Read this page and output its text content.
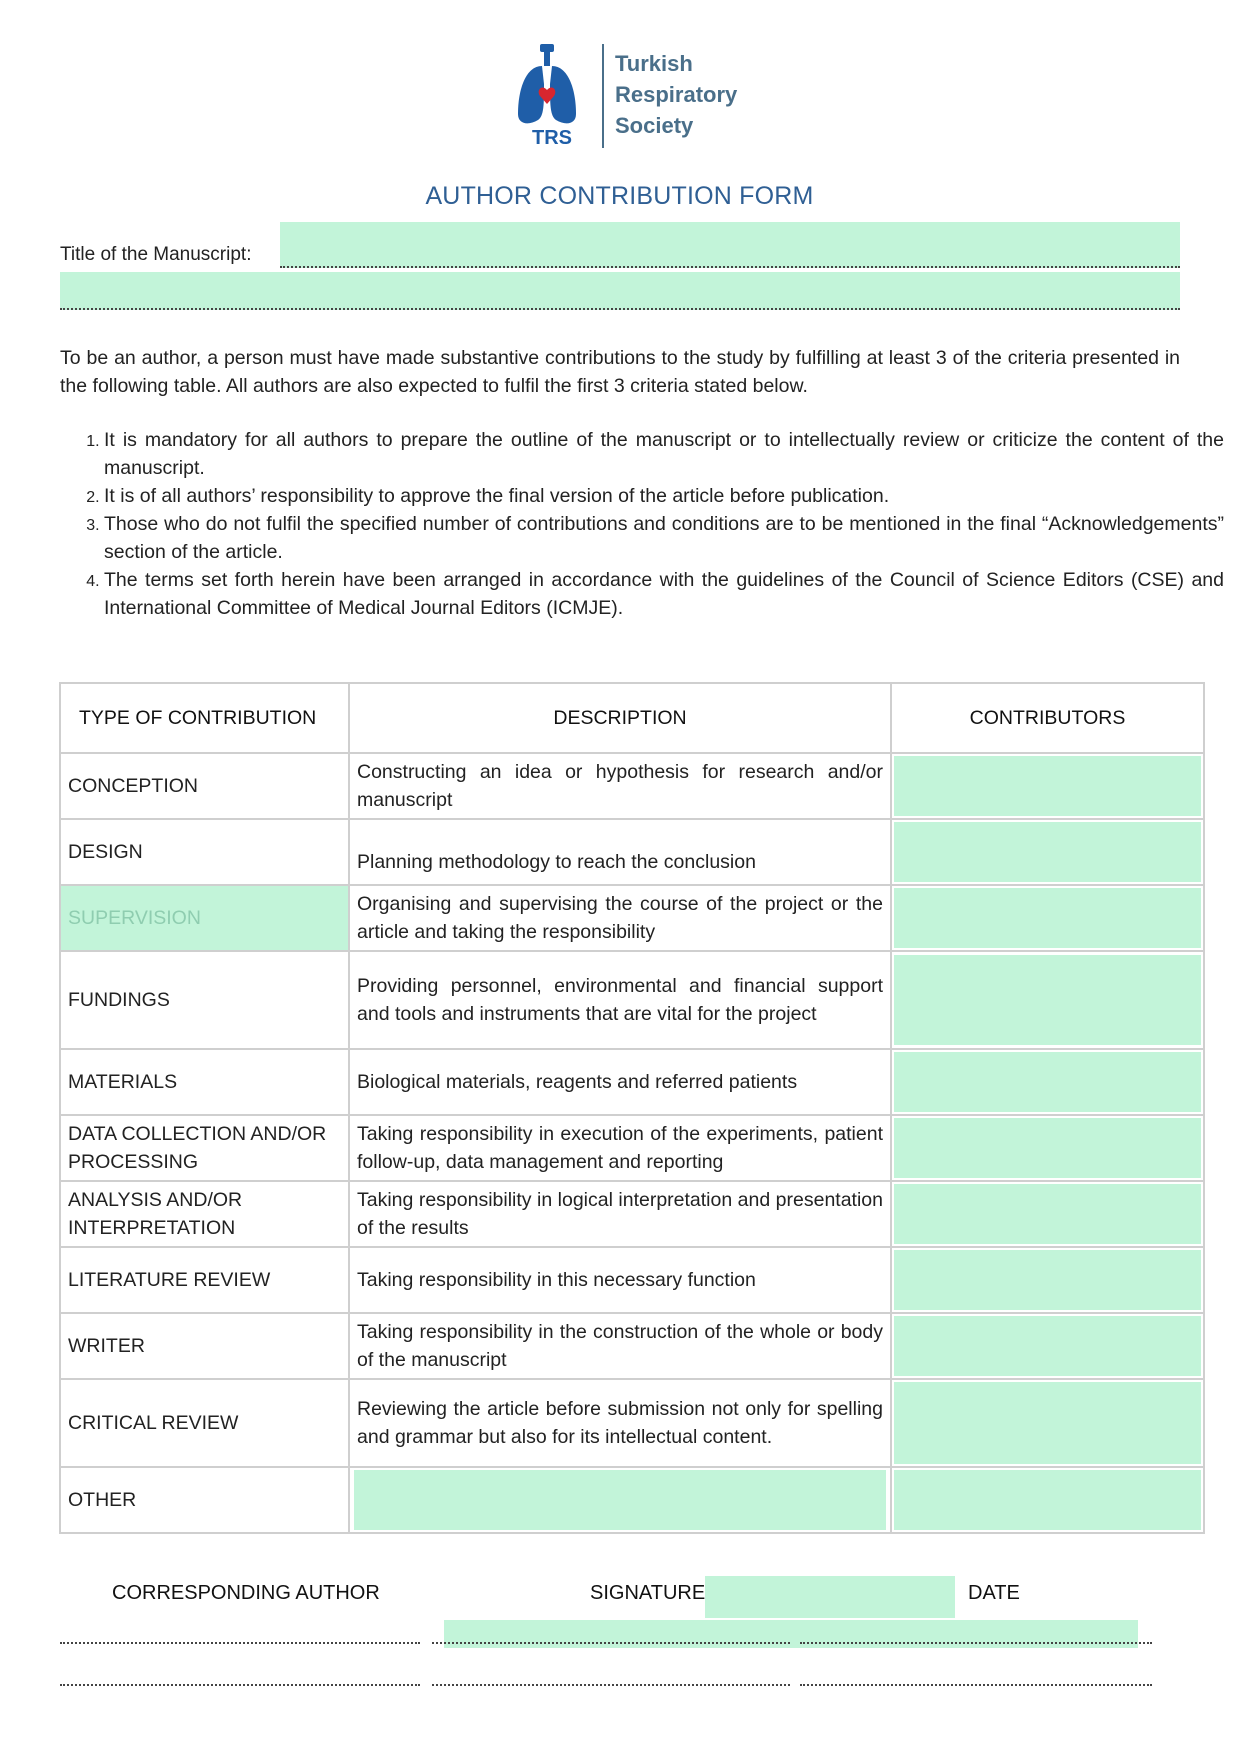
TRS
Turkish
Respiratory
Society
AUTHOR CONTRIBUTION FORM
Title of the Manuscript:
To be an author, a person must have made substantive contributions to the study by fulfilling at least 3 of the criteria presented in the following table. All authors are also expected to fulfil the first 3 criteria stated below.
1. It is mandatory for all authors to prepare the outline of the manuscript or to intellectually review or criticize the content of the manuscript.
2. It is of all authors’ responsibility to approve the final version of the article before publication.
3. Those who do not fulfil the specified number of contributions and conditions are to be mentioned in the final “Acknowledgements” section of the article.
4. The terms set forth herein have been arranged in accordance with the guidelines of the Council of Science Editors (CSE) and International Committee of Medical Journal Editors (ICMJE).
TYPE OF CONTRIBUTION	DESCRIPTION	CONTRIBUTORS
CONCEPTION	Constructing an idea or hypothesis for research and/or manuscript	

DESIGN	Planning methodology to reach the conclusion	

SUPERVISION	Organising and supervising the course of the project or the article and taking the responsibility	

FUNDINGS	Providing personnel, environmental and financial support and tools and instruments that are vital for the project	

MATERIALS	Biological materials, reagents and referred patients	

DATA COLLECTION AND/OR PROCESSING	Taking responsibility in execution of the experiments, patient follow-up, data management and reporting	

ANALYSIS AND/OR INTERPRETATION	Taking responsibility in logical interpretation and presentation of the results	

LITERATURE REVIEW	Taking responsibility in this necessary function	

WRITER	Taking responsibility in the construction of the whole or body of the manuscript	

CRITICAL REVIEW	Reviewing the article before submission not only for spelling and grammar but also for its intellectual content.	

OTHER	

CORRESPONDING AUTHOR	SIGNATURE	DATE
